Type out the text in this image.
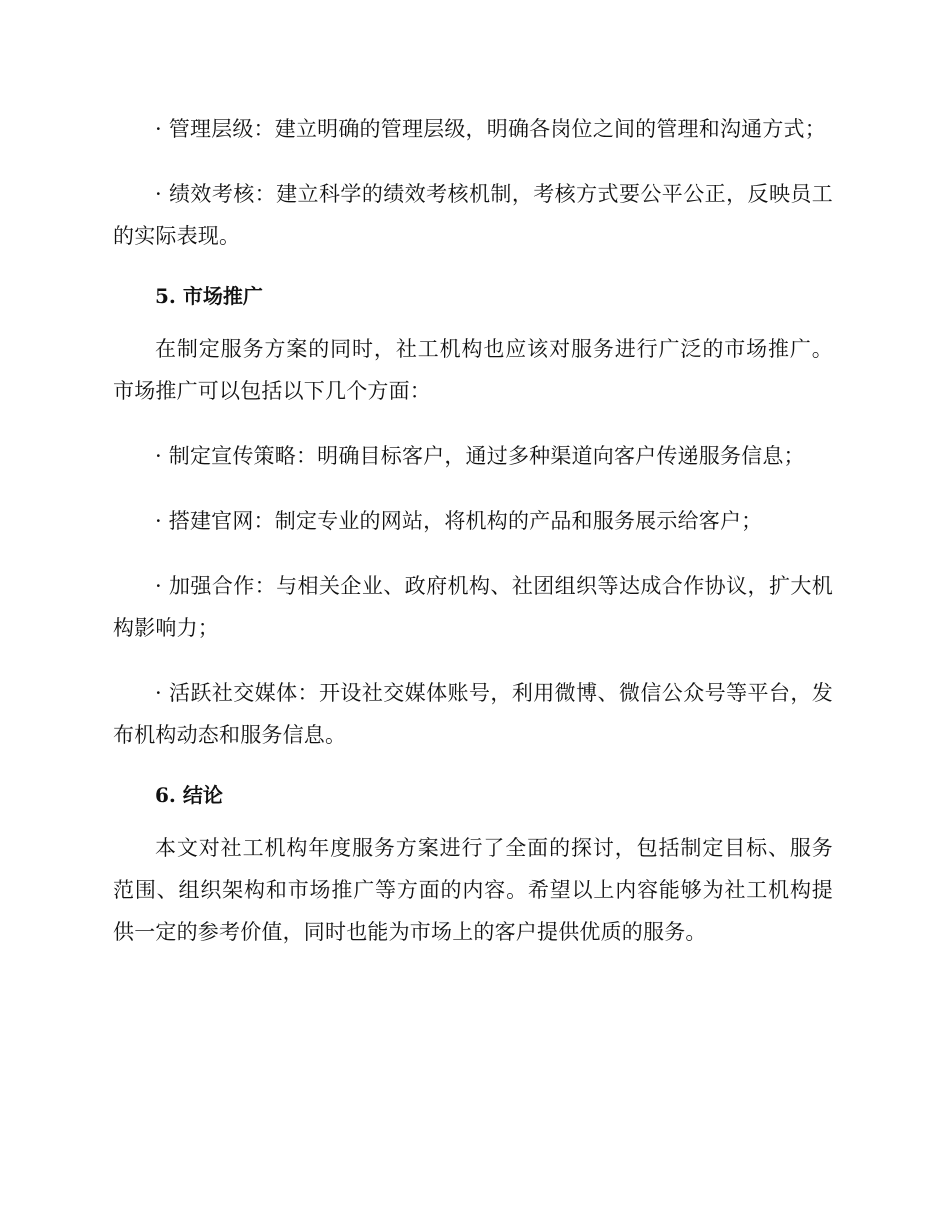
· 管理层级：建立明确的管理层级，明确各岗位之间的管理和沟通方式；

· 绩效考核：建立科学的绩效考核机制，考核方式要公平公正，反映员工的实际表现。

5. 市场推广

在制定服务方案的同时，社工机构也应该对服务进行广泛的市场推广。市场推广可以包括以下几个方面：

· 制定宣传策略：明确目标客户，通过多种渠道向客户传递服务信息；

· 搭建官网：制定专业的网站，将机构的产品和服务展示给客户；

· 加强合作：与相关企业、政府机构、社团组织等达成合作协议，扩大机构影响力；

· 活跃社交媒体：开设社交媒体账号，利用微博、微信公众号等平台，发布机构动态和服务信息。

6. 结论

本文对社工机构年度服务方案进行了全面的探讨，包括制定目标、服务范围、组织架构和市场推广等方面的内容。希望以上内容能够为社工机构提供一定的参考价值，同时也能为市场上的客户提供优质的服务。
